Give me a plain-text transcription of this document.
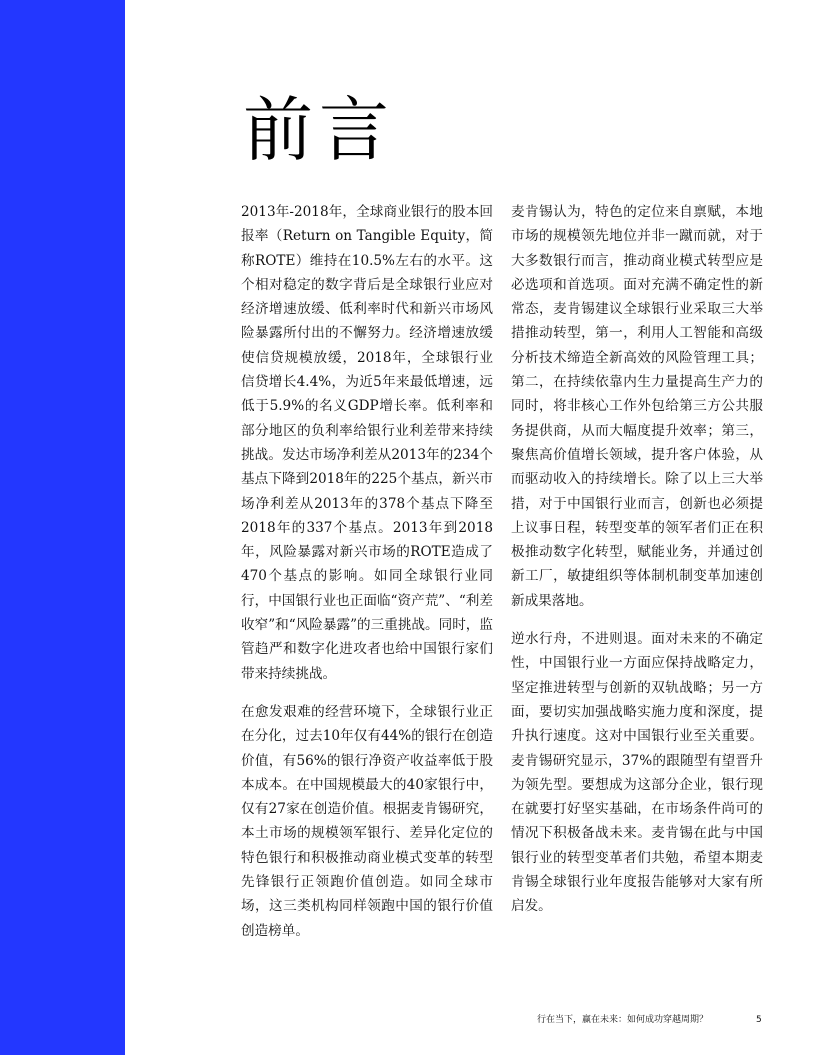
前言

2013年-2018年，全球商业银行的股本回报率（Return on Tangible Equity，简称ROTE）维持在10.5%左右的水平。这个相对稳定的数字背后是全球银行业应对经济增速放缓、低利率时代和新兴市场风险暴露所付出的不懈努力。经济增速放缓使信贷规模放缓，2018年，全球银行业信贷增长4.4%，为近5年来最低增速，远低于5.9%的名义GDP增长率。低利率和部分地区的负利率给银行业利差带来持续挑战。发达市场净利差从2013年的234个基点下降到2018年的225个基点，新兴市场净利差从2013年的378个基点下降至2018年的337个基点。2013年到2018年，风险暴露对新兴市场的ROTE造成了470个基点的影响。如同全球银行业同行，中国银行业也正面临“资产荒”、“利差收窄”和“风险暴露”的三重挑战。同时，监管趋严和数字化进攻者也给中国银行家们带来持续挑战。

在愈发艰难的经营环境下，全球银行业正在分化，过去10年仅有44%的银行在创造价值，有56%的银行净资产收益率低于股本成本。在中国规模最大的40家银行中，仅有27家在创造价值。根据麦肯锡研究，本土市场的规模领军银行、差异化定位的特色银行和积极推动商业模式变革的转型先锋银行正领跑价值创造。如同全球市场，这三类机构同样领跑中国的银行价值创造榜单。

麦肯锡认为，特色的定位来自禀赋，本地市场的规模领先地位并非一蹴而就，对于大多数银行而言，推动商业模式转型应是必选项和首选项。面对充满不确定性的新常态，麦肯锡建议全球银行业采取三大举措推动转型，第一，利用人工智能和高级分析技术缔造全新高效的风险管理工具；第二，在持续依靠内生力量提高生产力的同时，将非核心工作外包给第三方公共服务提供商，从而大幅度提升效率；第三，聚焦高价值增长领域，提升客户体验，从而驱动收入的持续增长。除了以上三大举措，对于中国银行业而言，创新也必须提上议事日程，转型变革的领军者们正在积极推动数字化转型，赋能业务，并通过创新工厂，敏捷组织等体制机制变革加速创新成果落地。

逆水行舟，不进则退。面对未来的不确定性，中国银行业一方面应保持战略定力，坚定推进转型与创新的双轨战略；另一方面，要切实加强战略实施力度和深度，提升执行速度。这对中国银行业至关重要。麦肯锡研究显示，37%的跟随型有望晋升为领先型。要想成为这部分企业，银行现在就要打好坚实基础，在市场条件尚可的情况下积极备战未来。麦肯锡在此与中国银行业的转型变革者们共勉，希望本期麦肯锡全球银行业年度报告能够对大家有所启发。

行在当下，赢在未来：如何成功穿越周期？	5
